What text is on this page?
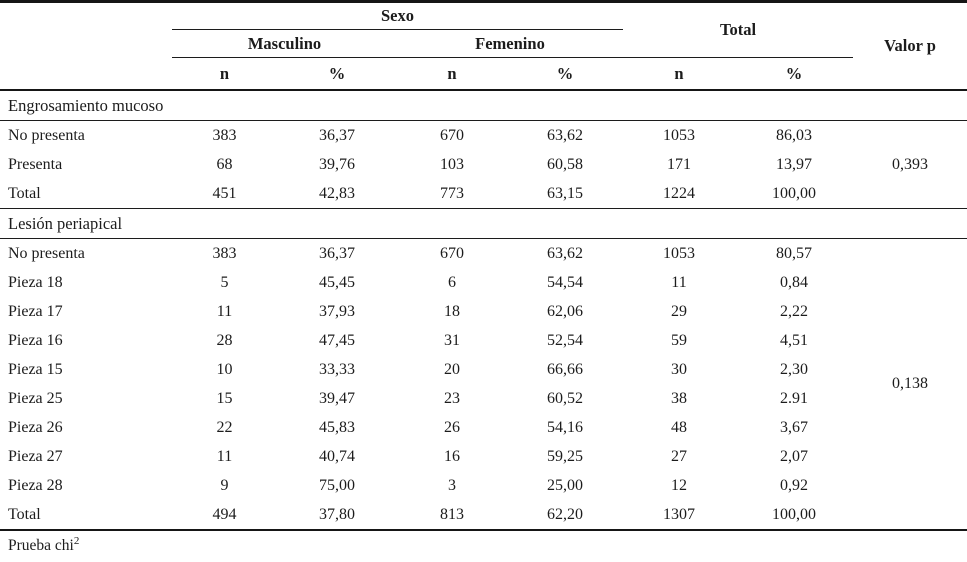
	Sexo				Total		Valor p
	Masculino		Femenino				
	n	%	n	%	n	%	
Engrosamiento mucoso							
No presenta	383	36,37	670	63,62	1053	86,03	0,393
Presenta	68	39,76	103	60,58	171	13,97	
Total	451	42,83	773	63,15	1224	100,00	
Lesión periapical							
No presenta	383	36,37	670	63,62	1053	80,57	0,138
Pieza 18	5	45,45	6	54,54	11	0,84	
Pieza 17	11	37,93	18	62,06	29	2,22	
Pieza 16	28	47,45	31	52,54	59	4,51	
Pieza 15	10	33,33	20	66,66	30	2,30	
Pieza 25	15	39,47	23	60,52	38	2.91	
Pieza 26	22	45,83	26	54,16	48	3,67	
Pieza 27	11	40,74	16	59,25	27	2,07	
Pieza 28	9	75,00	3	25,00	12	0,92	
Total	494	37,80	813	62,20	1307	100,00	
Prueba chi$^2$
